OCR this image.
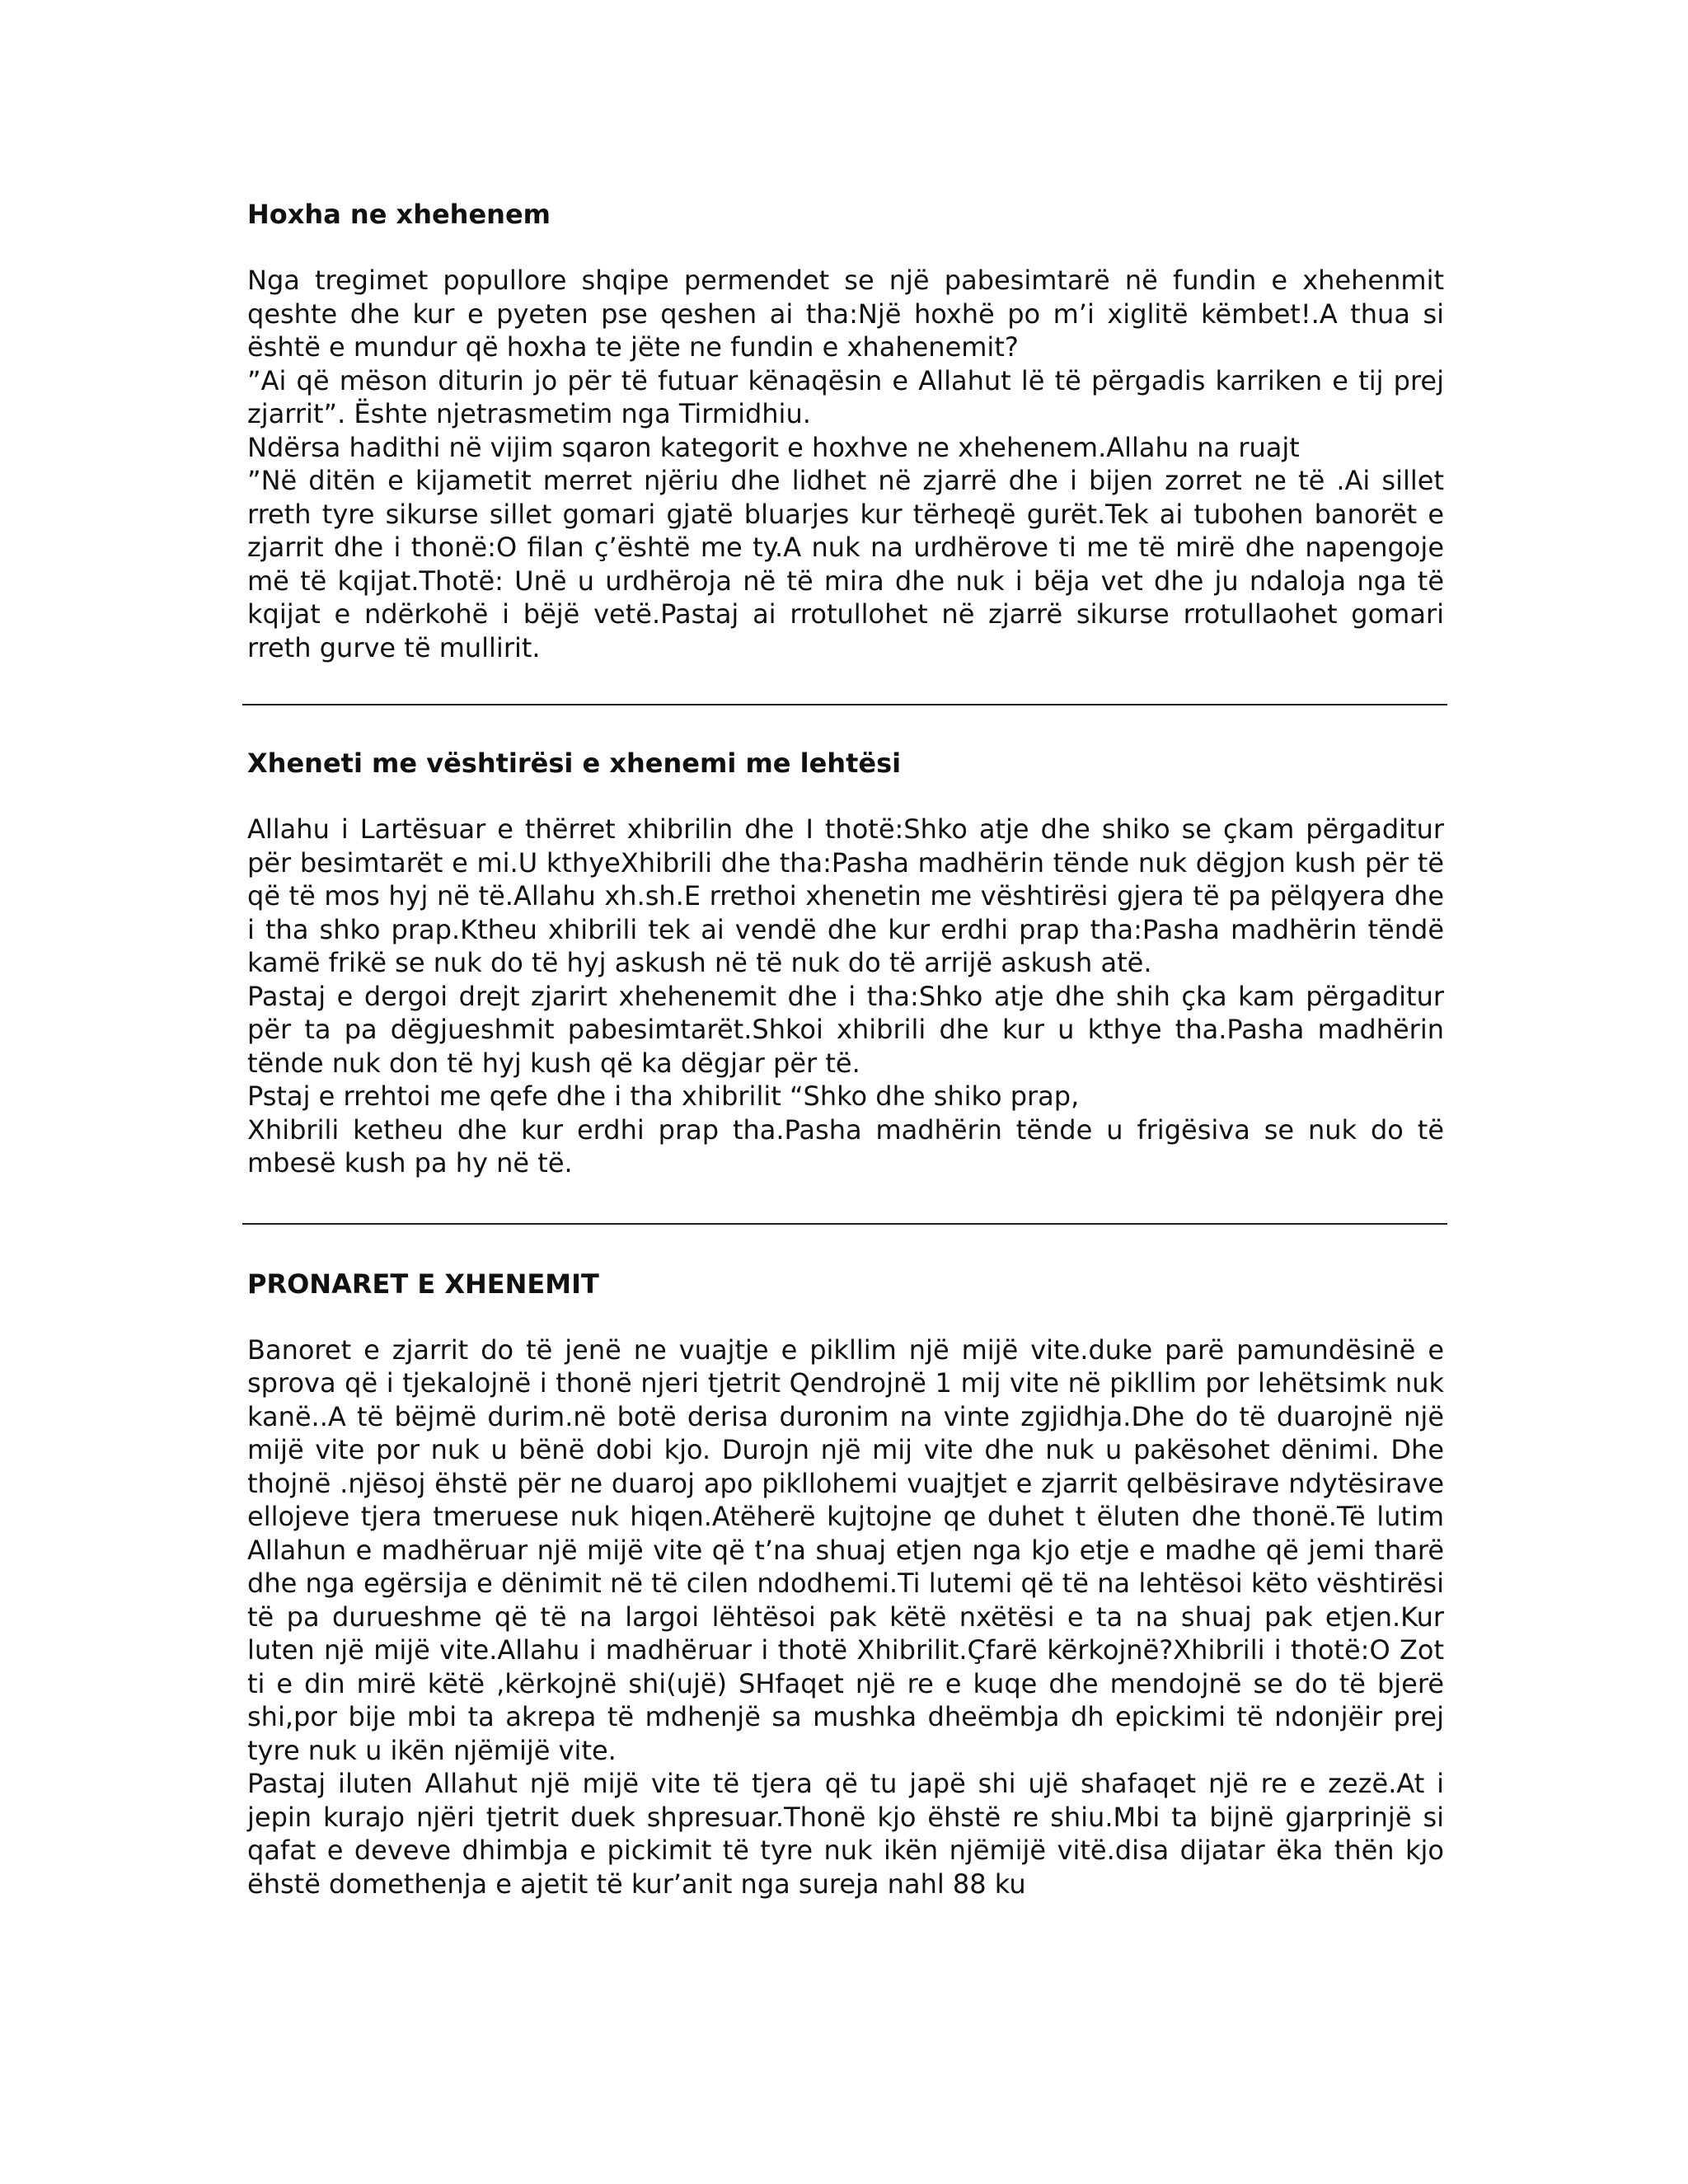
Hoxha ne xhehenem

Nga tregimet popullore shqipe permendet se një pabesimtarë në fundin e xhehenmit qeshte dhe kur e pyeten pse qeshen ai tha:Një hoxhë po m’i xiglitë këmbet!.A thua si është e mundur që hoxha te jëte ne fundin e xhahenemit?

”Ai që mëson diturin jo për të futuar kënaqësin e Allahut lë të përgadis karriken e tij prej zjarrit”. Ështe njetrasmetim nga Tirmidhiu.

Ndërsa hadithi në vijim sqaron kategorit e hoxhve ne xhehenem.Allahu na ruajt

”Në ditën e kijametit merret njëriu dhe lidhet në zjarrë dhe i bijen zorret ne të .Ai sillet rreth tyre sikurse sillet gomari gjatë bluarjes kur tërheqë gurët.Tek ai tubohen banorët e zjarrit dhe i thonë:O filan ç’është me ty.A nuk na urdhërove ti me të mirë dhe napengoje më të kqijat.Thotë: Unë u urdhëroja në të mira dhe nuk i bëja vet dhe ju ndaloja nga të kqijat e ndërkohë i bëjë vetë.Pastaj ai rrotullohet në zjarrë sikurse rrotullaohet gomari rreth gurve të mullirit.

Xheneti me vështirësi e xhenemi me lehtësi

Allahu i Lartësuar e thërret xhibrilin dhe I thotë:Shko atje dhe shiko se çkam përgaditur për besimtarët e mi.U kthyeXhibrili dhe tha:Pasha madhërin tënde nuk dëgjon kush për të që të mos hyj në të.Allahu xh.sh.E rrethoi xhenetin me vështirësi gjera të pa pëlqyera dhe i tha shko prap.Ktheu xhibrili tek ai vendë dhe kur erdhi prap tha:Pasha madhërin tëndë kamë frikë se nuk do të hyj askush në të nuk do të arrijë askush atë.

Pastaj e dergoi drejt zjarirt xhehenemit dhe i tha:Shko atje dhe shih çka kam përgaditur për ta pa dëgjueshmit pabesimtarët.Shkoi xhibrili dhe kur u kthye tha.Pasha madhërin tënde nuk don të hyj kush që ka dëgjar për të.

Pstaj e rrehtoi me qefe dhe i tha xhibrilit “Shko dhe shiko prap,

Xhibrili ketheu dhe kur erdhi prap tha.Pasha madhërin tënde u frigësiva se nuk do të mbesë kush pa hy në të.

PRONARET E XHENEMIT

Banoret e zjarrit do të jenë ne vuajtje e pikllim një mijë vite.duke parë pamundësinë e sprova që i tjekalojnë i thonë njeri tjetrit Qendrojnë 1 mij vite në pikllim por lehëtsimk nuk kanë..A të bëjmë durim.në botë derisa duronim na vinte zgjidhja.Dhe do të duarojnë një mijë vite por nuk u bënë dobi kjo. Durojn një mij vite dhe nuk u pakësohet dënimi. Dhe thojnë .njësoj ëhstë për ne duaroj apo pikllohemi vuajtjet e zjarrit qelbësirave ndytësirave ellojeve tjera tmeruese nuk hiqen.Atëherë kujtojne qe duhet t ëluten dhe thonë.Të lutim Allahun e madhëruar një mijë vite që t’na shuaj etjen nga kjo etje e madhe që jemi tharë dhe nga egërsija e dënimit në të cilen ndodhemi.Ti lutemi që të na lehtësoi këto vështirësi të pa durueshme që të na largoi lëhtësoi pak këtë nxëtësi e ta na shuaj pak etjen.Kur luten një mijë vite.Allahu i madhëruar i thotë Xhibrilit.Çfarë kërkojnë?Xhibrili i thotë:O Zot ti e din mirë këtë ,kërkojnë shi(ujë) SHfaqet një re e kuqe dhe mendojnë se do të bjerë shi,por bije mbi ta akrepa të mdhenjë sa mushka dheëmbja dh epickimi të ndonjëir prej tyre nuk u ikën njëmijë vite.

Pastaj iluten Allahut një mijë vite të tjera që tu japë shi ujë shafaqet një re e zezë.At i jepin kurajo njëri tjetrit duek shpresuar.Thonë kjo ëhstë re shiu.Mbi ta bijnë gjarprinjë si qafat e deveve dhimbja e pickimit të tyre nuk ikën njëmijë vitë.disa dijatar ëka thën kjo ëhstë domethenja e ajetit të kur’anit nga sureja nahl 88 ku
